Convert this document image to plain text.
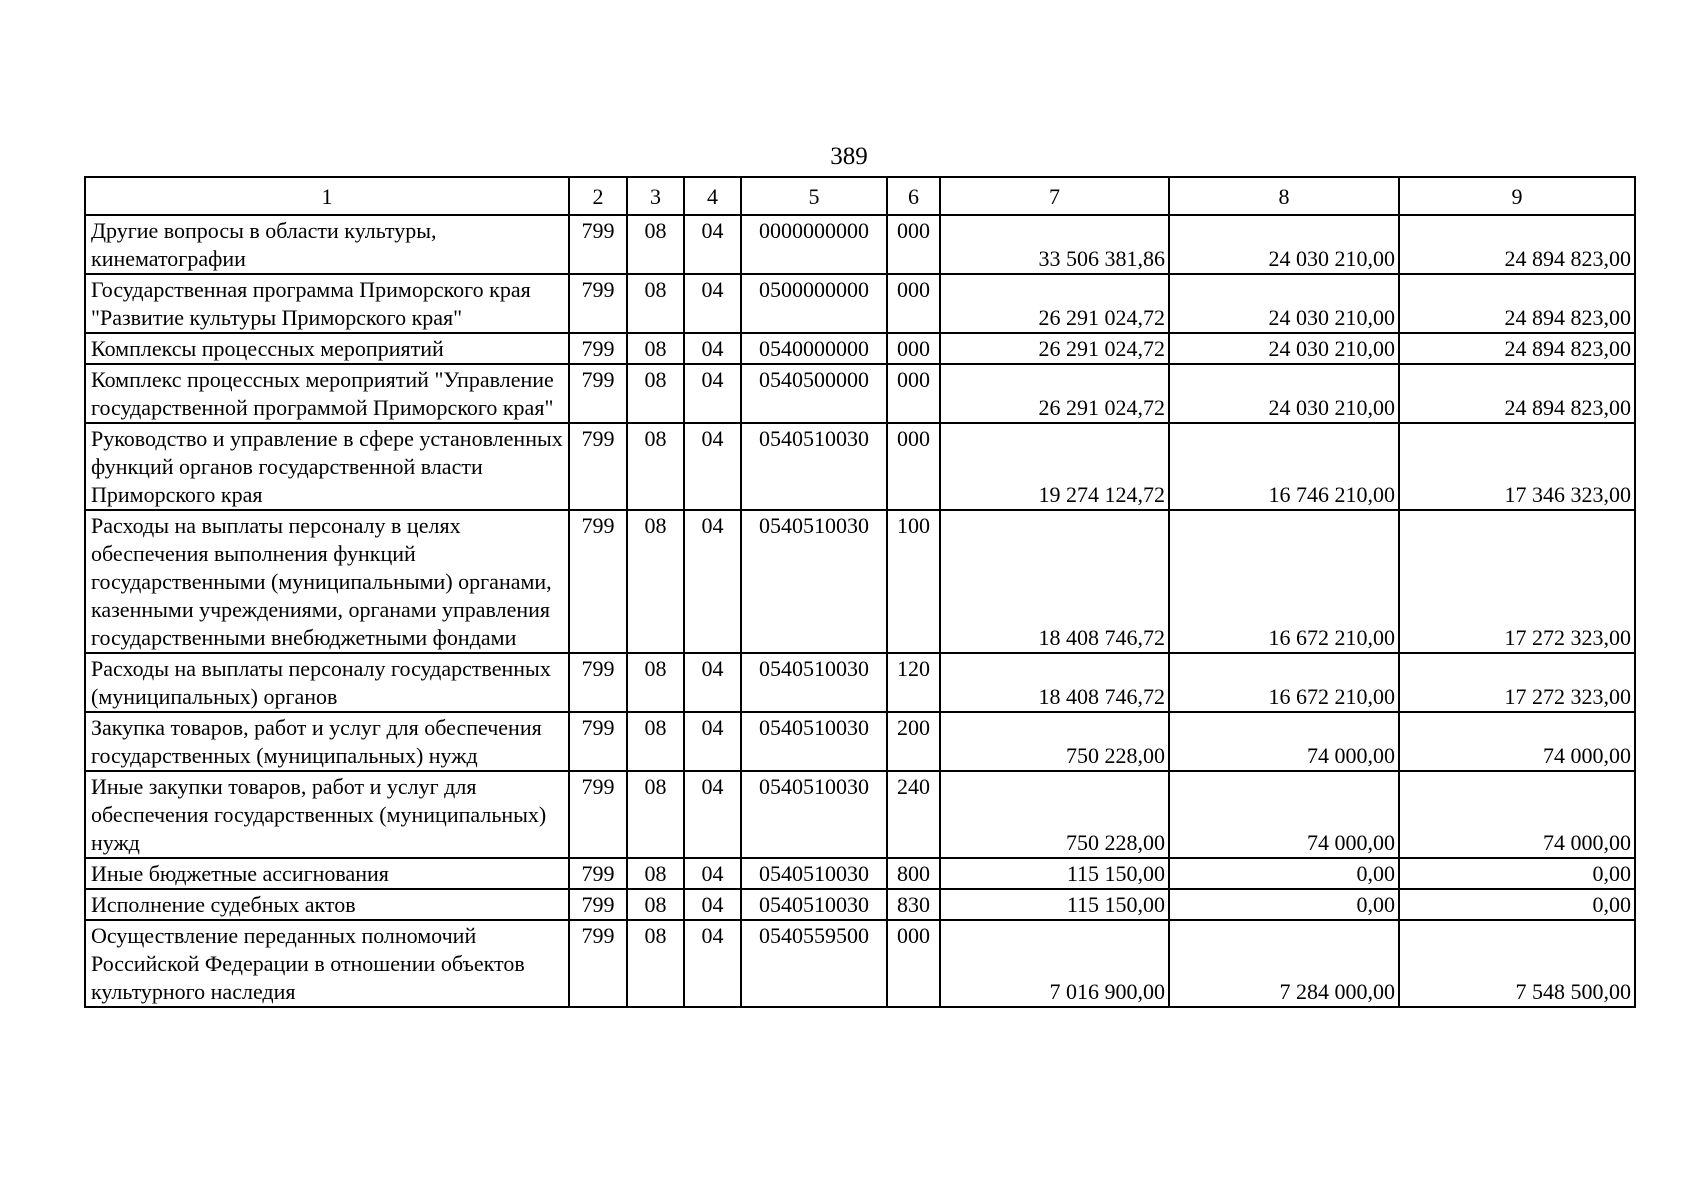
389
1	2	3	4	5	6	7	8	9
Другие вопросы в области культуры, кинематографии	799	08	04	0000000000	000	33 506 381,86	24 030 210,00	24 894 823,00
Государственная программа Приморского края "Развитие культуры Приморского края"	799	08	04	0500000000	000	26 291 024,72	24 030 210,00	24 894 823,00
Комплексы процессных мероприятий	799	08	04	0540000000	000	26 291 024,72	24 030 210,00	24 894 823,00
Комплекс процессных мероприятий "Управление государственной программой Приморского края"	799	08	04	0540500000	000	26 291 024,72	24 030 210,00	24 894 823,00
Руководство и управление в сфере установленных функций органов государственной власти Приморского края	799	08	04	0540510030	000	19 274 124,72	16 746 210,00	17 346 323,00
Расходы на выплаты персоналу в целях обеспечения выполнения функций государственными (муниципальными) органами, казенными учреждениями, органами управления государственными внебюджетными фондами	799	08	04	0540510030	100	18 408 746,72	16 672 210,00	17 272 323,00
Расходы на выплаты персоналу государственных (муниципальных) органов	799	08	04	0540510030	120	18 408 746,72	16 672 210,00	17 272 323,00
Закупка товаров, работ и услуг для обеспечения государственных (муниципальных) нужд	799	08	04	0540510030	200	750 228,00	74 000,00	74 000,00
Иные закупки товаров, работ и услуг для обеспечения государственных (муниципальных) нужд	799	08	04	0540510030	240	750 228,00	74 000,00	74 000,00
Иные бюджетные ассигнования	799	08	04	0540510030	800	115 150,00	0,00	0,00
Исполнение судебных актов	799	08	04	0540510030	830	115 150,00	0,00	0,00
Осуществление переданных полномочий Российской Федерации в отношении объектов культурного наследия	799	08	04	0540559500	000	7 016 900,00	7 284 000,00	7 548 500,00
